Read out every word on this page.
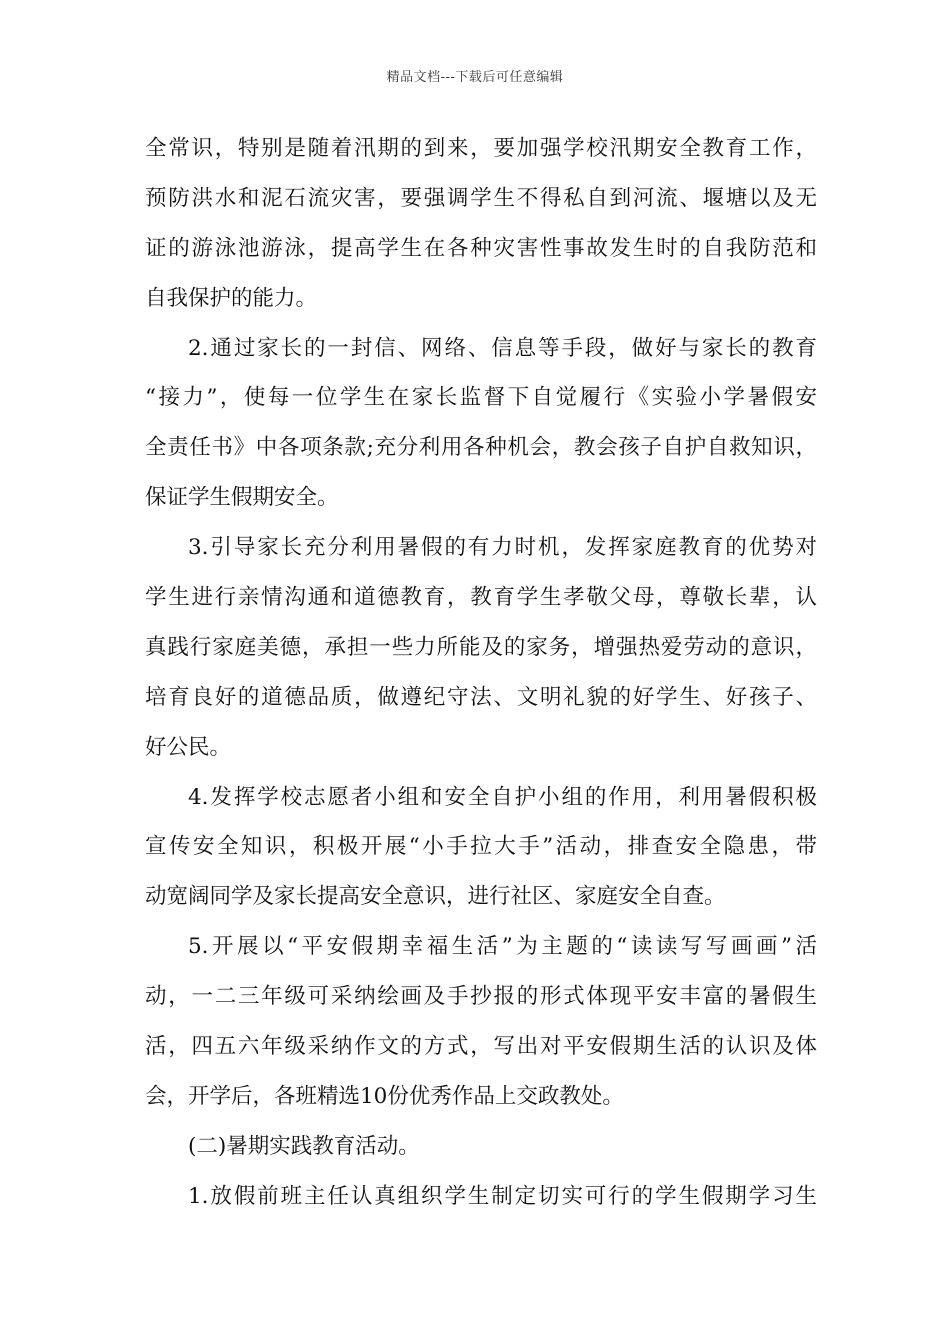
精品文档---下载后可任意编辑
全常识，特别是随着汛期的到来，要加强学校汛期安全教育工作，
预防洪水和泥石流灾害，要强调学生不得私自到河流、堰塘以及无
证的游泳池游泳，提高学生在各种灾害性事故发生时的自我防范和
自我保护的能力。
2.通过家长的一封信、网络、信息等手段，做好与家长的教育
“接力”，使每一位学生在家长监督下自觉履行《实验小学暑假安
全责任书》中各项条款;充分利用各种机会，教会孩子自护自救知识，
保证学生假期安全。
3.引导家长充分利用暑假的有力时机，发挥家庭教育的优势对
学生进行亲情沟通和道德教育，教育学生孝敬父母，尊敬长辈，认
真践行家庭美德，承担一些力所能及的家务，增强热爱劳动的意识，
培育良好的道德品质，做遵纪守法、文明礼貌的好学生、好孩子、
好公民。
4.发挥学校志愿者小组和安全自护小组的作用，利用暑假积极
宣传安全知识，积极开展“小手拉大手”活动，排查安全隐患，带
动宽阔同学及家长提高安全意识，进行社区、家庭安全自查。
5.开展以“平安假期幸福生活”为主题的“读读写写画画”活
动，一二三年级可采纳绘画及手抄报的形式体现平安丰富的暑假生
活，四五六年级采纳作文的方式，写出对平安假期生活的认识及体
会，开学后，各班精选10份优秀作品上交政教处。
(二)暑期实践教育活动。
1.放假前班主任认真组织学生制定切实可行的学生假期学习生
